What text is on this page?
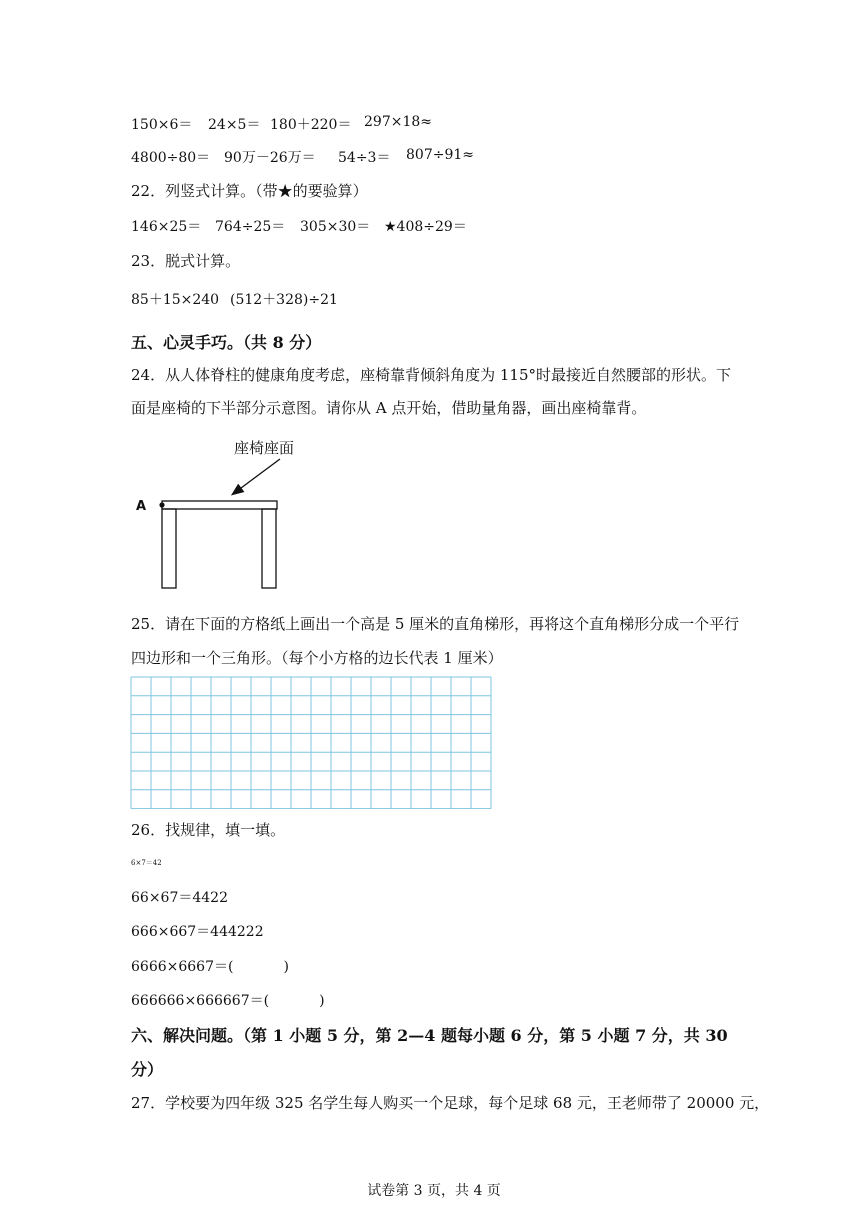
150×6＝ 24×5＝ 180＋220＝ 297×18≈
4800÷80＝ 90万－26万＝ 54÷3＝ 807÷91≈
22．列竖式计算。（带★的要验算）
146×25＝ 764÷25＝ 305×30＝ ★408÷29＝
23．脱式计算。
85＋15×240 (512＋328)÷21
五、心灵手巧。（共 8 分）
24．从人体脊柱的健康角度考虑，座椅靠背倾斜角度为 115°时最接近自然腰部的形状。下
面是座椅的下半部分示意图。请你从 A 点开始，借助量角器，画出座椅靠背。
座椅座面
A
25．请在下面的方格纸上画出一个高是 5 厘米的直角梯形，再将这个直角梯形分成一个平行
四边形和一个三角形。（每个小方格的边长代表 1 厘米）
26．找规律，填一填。
6×7＝42
66×67＝4422
666×667＝444222
6666×6667＝(	)
666666×666667＝(	)
六、解决问题。（第 1 小题 5 分，第 2—4 题每小题 6 分，第 5 小题 7 分，共 30
分）
27．学校要为四年级 325 名学生每人购买一个足球，每个足球 68 元，王老师带了 20000 元，
试卷第 3 页，共 4 页
